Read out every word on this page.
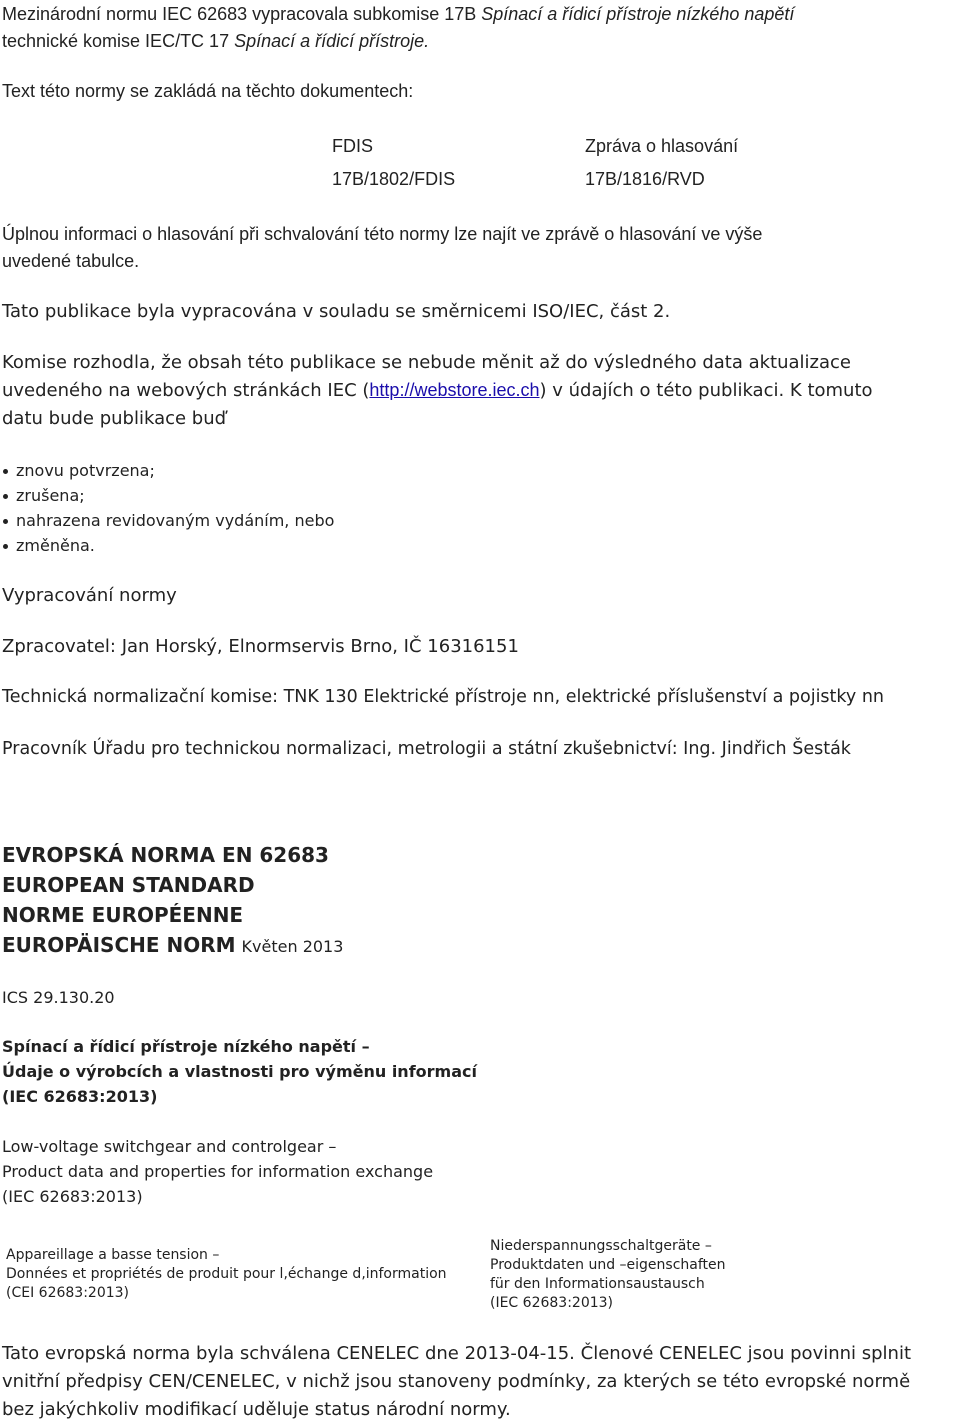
Mezinárodní normu IEC 62683 vypracovala subkomise 17B Spínací a řídicí přístroje nízkého napětí
technické komise IEC/TC 17 Spínací a řídicí přístroje.
Text této normy se zakládá na těchto dokumentech:
FDIS	Zpráva o hlasování
17B/1802/FDIS	17B/1816/RVD
Úplnou informaci o hlasování při schvalování této normy lze najít ve zprávě o hlasování ve výše
uvedené tabulce.
Tato publikace byla vypracována v souladu se směrnicemi ISO/IEC, část 2.
Komise rozhodla, že obsah této publikace se nebude měnit až do výsledného data aktualizace
uvedeného na webových stránkách IEC (http://webstore.iec.ch) v údajích o této publikaci. K tomuto
datu bude publikace buď
znovu potvrzena;
zrušena;
nahrazena revidovaným vydáním, nebo
změněna.
Vypracování normy
Zpracovatel: Jan Horský, Elnormservis Brno, IČ 16316151
Technická normalizační komise: TNK 130 Elektrické přístroje nn, elektrické příslušenství a pojistky nn
Pracovník Úřadu pro technickou normalizaci, metrologii a státní zkušebnictví: Ing. Jindřich Šesták
EVROPSKÁ NORMA EN 62683
EUROPEAN STANDARD
NORME EUROPÉENNE
EUROPÄISCHE NORM Květen 2013
ICS 29.130.20
Spínací a řídicí přístroje nízkého napětí –
Údaje o výrobcích a vlastnosti pro výměnu informací
(IEC 62683:2013)
Low-voltage switchgear and controlgear –
Product data and properties for information exchange
(IEC 62683:2013)
Appareillage a basse tension –
Données et propriétés de produit pour l‚échange d‚information
(CEI 62683:2013)
Niederspannungsschaltgeräte –
Produktdaten und –eigenschaften
für den Informationsaustausch
(IEC 62683:2013)
Tato evropská norma byla schválena CENELEC dne 2013-04-15. Členové CENELEC jsou povinni splnit
vnitřní předpisy CEN/CENELEC, v nichž jsou stanoveny podmínky, za kterých se této evropské normě
bez jakýchkoliv modifikací uděluje status národní normy.
